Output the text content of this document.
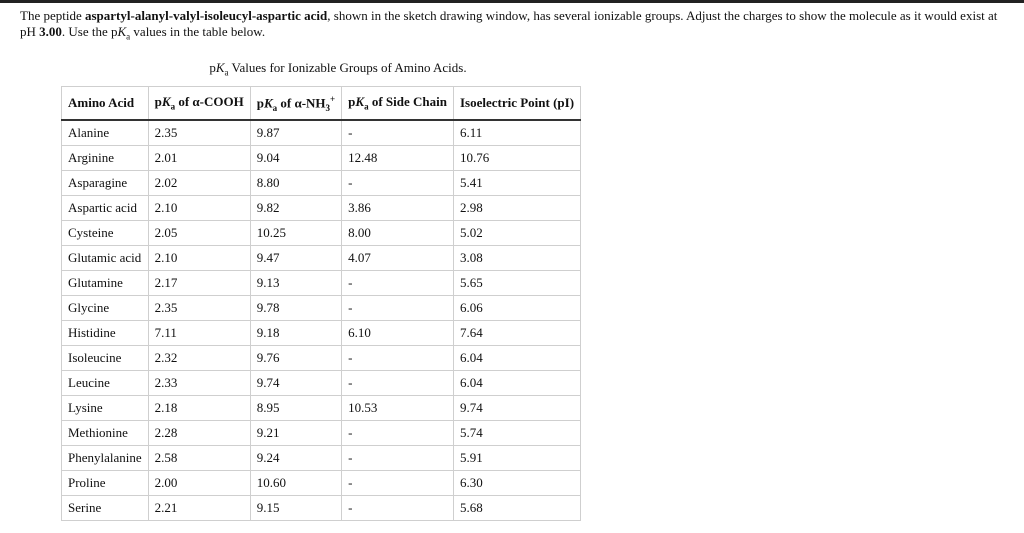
The peptide aspartyl-alanyl-valyl-isoleucyl-aspartic acid, shown in the sketch drawing window, has several ionizable groups. Adjust the charges to show the molecule as it would exist at pH 3.00. Use the $pK_a$ values in the table below.
$pK_a$ Values for Ionizable Groups of Amino Acids.
Amino Acid	$pK_a$ of α-COOH	$pK_a$ of $\alpha-NH_3^+$	$pK_a$ of Side Chain	Isoelectric Point (pI)
Alanine	2.35	9.87	-	6.11
Arginine	2.01	9.04	12.48	10.76
Asparagine	2.02	8.80	-	5.41
Aspartic acid	2.10	9.82	3.86	2.98
Cysteine	2.05	10.25	8.00	5.02
Glutamic acid	2.10	9.47	4.07	3.08
Glutamine	2.17	9.13	-	5.65
Glycine	2.35	9.78	-	6.06
Histidine	7.11	9.18	6.10	7.64
Isoleucine	2.32	9.76	-	6.04
Leucine	2.33	9.74	-	6.04
Lysine	2.18	8.95	10.53	9.74
Methionine	2.28	9.21	-	5.74
Phenylalanine	2.58	9.24	-	5.91
Proline	2.00	10.60	-	6.30
Serine	2.21	9.15	-	5.68
